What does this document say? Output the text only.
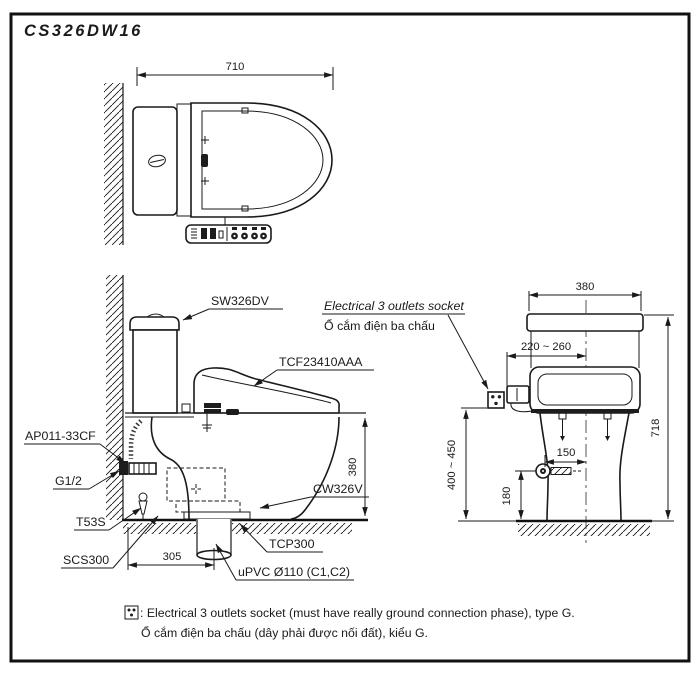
CS326DW16
710
380
305
SW326DV
TCF23410AAA
CW326V
AP011-33CF
G1/2
T53S
SCS300
TCP300
uPVC Ø110 (C1,C2)
380
220 ~ 260
150
180
400 ~ 450
718
Electrical 3 outlets socket
Ổ cắm điện ba chấu
: Electrical 3 outlets socket (must have really ground connection phase), type G.
Ổ cắm điện ba chấu (dây phải được nối đất), kiểu G.
